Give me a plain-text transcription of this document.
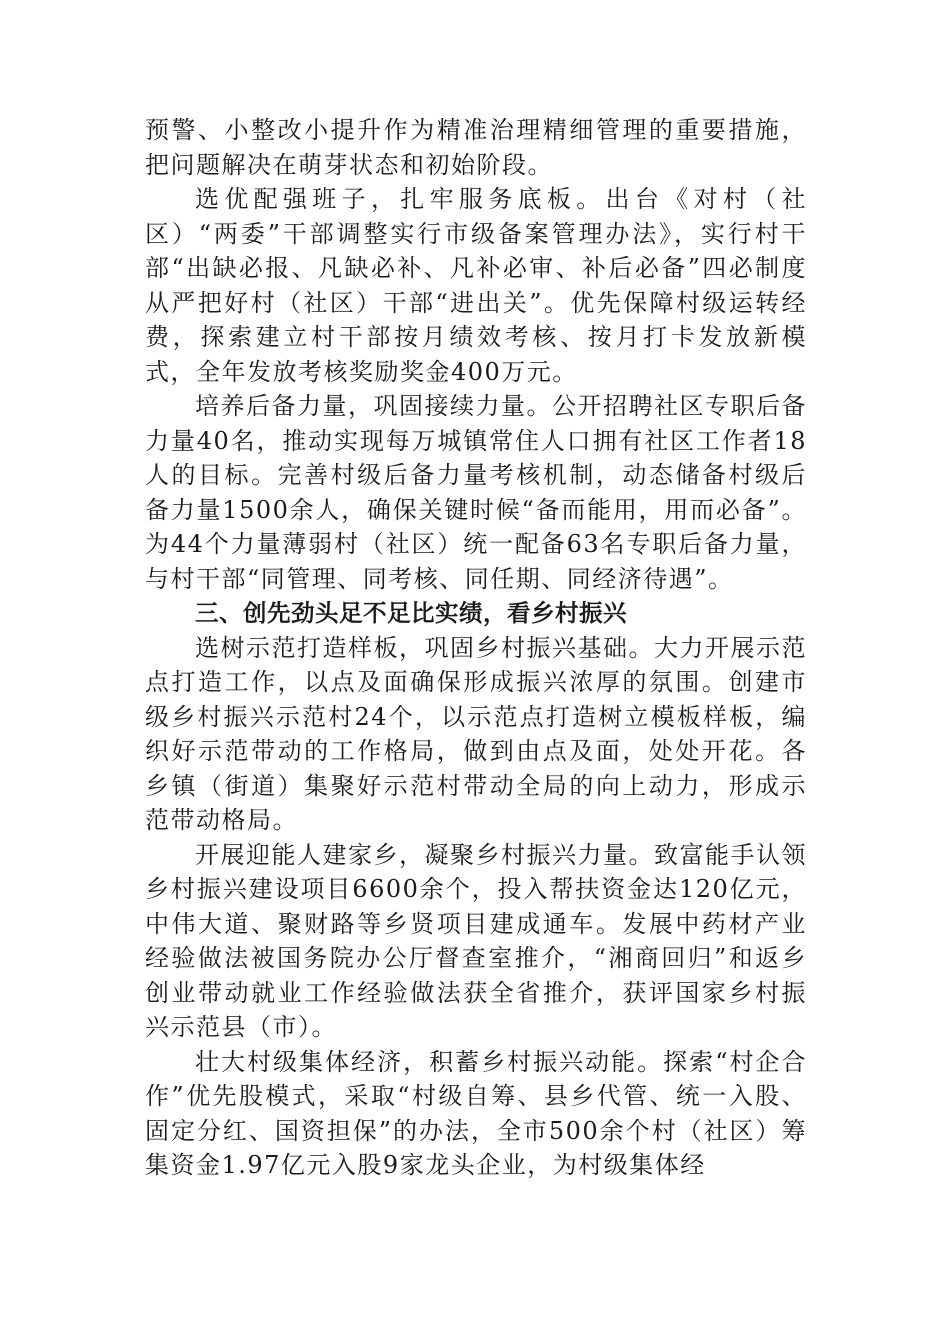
预警、小整改小提升作为精准治理精细管理的重要措施，把问题解决在萌芽状态和初始阶段。

选优配强班子，扎牢服务底板。出台《对村（社区）“两委”干部调整实行市级备案管理办法》，实行村干部“出缺必报、凡缺必补、凡补必审、补后必备”四必制度从严把好村（社区）干部“进出关”。优先保障村级运转经费，探索建立村干部按月绩效考核、按月打卡发放新模式，全年发放考核奖励奖金400万元。

培养后备力量，巩固接续力量。公开招聘社区专职后备力量40名，推动实现每万城镇常住人口拥有社区工作者18人的目标。完善村级后备力量考核机制，动态储备村级后备力量1500余人，确保关键时候“备而能用，用而必备”。为44个力量薄弱村（社区）统一配备63名专职后备力量，与村干部“同管理、同考核、同任期、同经济待遇”。

三、创先劲头足不足比实绩，看乡村振兴

选树示范打造样板，巩固乡村振兴基础。大力开展示范点打造工作，以点及面确保形成振兴浓厚的氛围。创建市级乡村振兴示范村24个，以示范点打造树立模板样板，编织好示范带动的工作格局，做到由点及面，处处开花。各乡镇（街道）集聚好示范村带动全局的向上动力，形成示范带动格局。

开展迎能人建家乡，凝聚乡村振兴力量。致富能手认领乡村振兴建设项目6600余个，投入帮扶资金达120亿元，中伟大道、聚财路等乡贤项目建成通车。发展中药材产业经验做法被国务院办公厅督查室推介，“湘商回归”和返乡创业带动就业工作经验做法获全省推介，获评国家乡村振兴示范县（市）。

壮大村级集体经济，积蓄乡村振兴动能。探索“村企合作”优先股模式，采取“村级自筹、县乡代管、统一入股、固定分红、国资担保”的办法，全市500余个村（社区）筹集资金1.97亿元入股9家龙头企业，为村级集体经
